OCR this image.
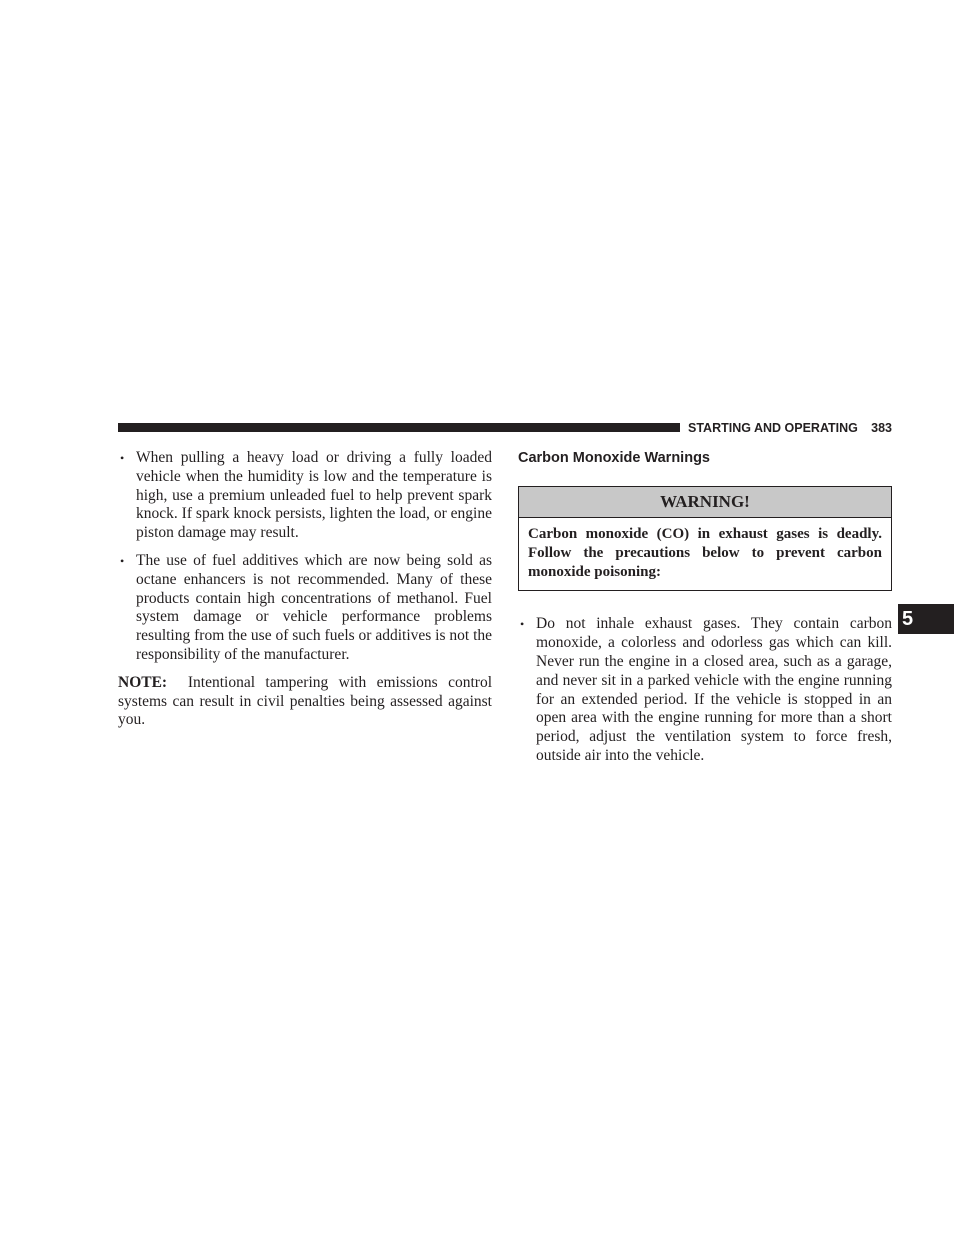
STARTING AND OPERATING 383
• When pulling a heavy load or driving a fully loaded vehicle when the humidity is low and the temperature is high, use a premium unleaded fuel to help prevent spark knock. If spark knock persists, lighten the load, or engine piston damage may result.
• The use of fuel additives which are now being sold as octane enhancers is not recommended. Many of these products contain high concentrations of methanol. Fuel system damage or vehicle performance problems resulting from the use of such fuels or additives is not the responsibility of the manufacturer.

NOTE: Intentional tampering with emissions control systems can result in civil penalties being assessed against you.

Carbon Monoxide Warnings
WARNING!
Carbon monoxide (CO) in exhaust gases is deadly. Follow the precautions below to prevent carbon monoxide poisoning:
• Do not inhale exhaust gases. They contain carbon monoxide, a colorless and odorless gas which can kill. Never run the engine in a closed area, such as a garage, and never sit in a parked vehicle with the engine running for an extended period. If the vehicle is stopped in an open area with the engine running for more than a short period, adjust the ventilation system to force fresh, outside air into the vehicle.
5
